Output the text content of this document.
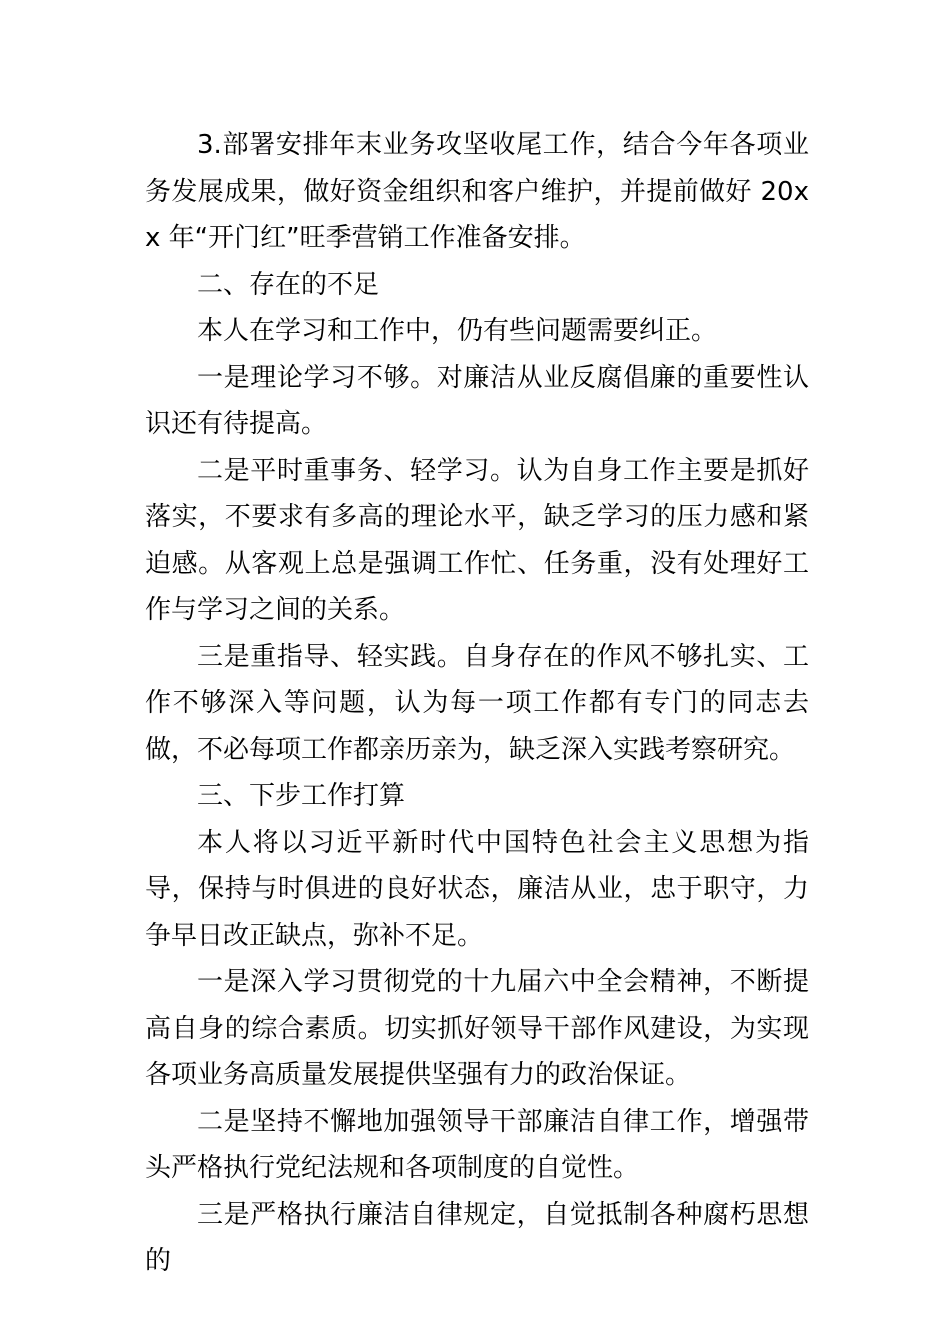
3.部署安排年末业务攻坚收尾工作，结合今年各项业务发展成果，做好资金组织和客户维护，并提前做好 20xx 年“开门红”旺季营销工作准备安排。

二、存在的不足

本人在学习和工作中，仍有些问题需要纠正。

一是理论学习不够。对廉洁从业反腐倡廉的重要性认识还有待提高。

二是平时重事务、轻学习。认为自身工作主要是抓好落实，不要求有多高的理论水平，缺乏学习的压力感和紧迫感。从客观上总是强调工作忙、任务重，没有处理好工作与学习之间的关系。

三是重指导、轻实践。自身存在的作风不够扎实、工作不够深入等问题，认为每一项工作都有专门的同志去做，不必每项工作都亲历亲为，缺乏深入实践考察研究。

三、下步工作打算

本人将以习近平新时代中国特色社会主义思想为指导，保持与时俱进的良好状态，廉洁从业，忠于职守，力争早日改正缺点，弥补不足。

一是深入学习贯彻党的十九届六中全会精神，不断提高自身的综合素质。切实抓好领导干部作风建设，为实现各项业务高质量发展提供坚强有力的政治保证。

二是坚持不懈地加强领导干部廉洁自律工作，增强带头严格执行党纪法规和各项制度的自觉性。

三是严格执行廉洁自律规定，自觉抵制各种腐朽思想的
